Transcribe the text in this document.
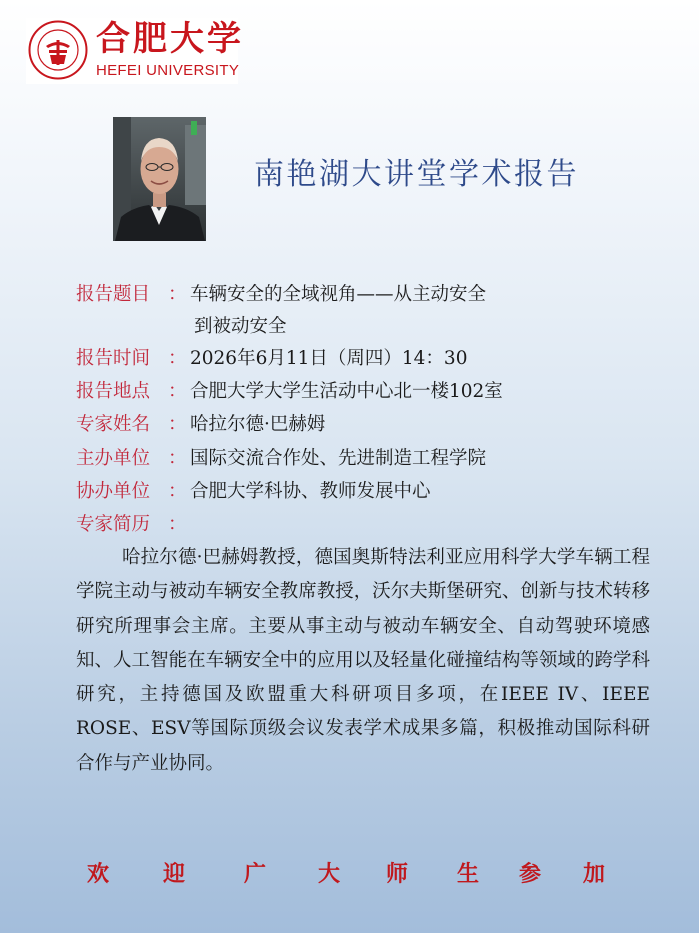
合肥大学
HEFEI UNIVERSITY
南艳湖大讲堂学术报告
报告题目 ： 车辆安全的全域视角——从主动安全
到被动安全
报告时间 ： 2026年6月11日（周四）14：30
报告地点 ： 合肥大学大学生活动中心北一楼102室
专家姓名 ： 哈拉尔德·巴赫姆
主办单位 ： 国际交流合作处、先进制造工程学院
协办单位 ： 合肥大学科协、教师发展中心
专家简历 ：

哈拉尔德·巴赫姆教授，德国奥斯特法利亚应用科学大学车辆工程学院主动与被动车辆安全教席教授，沃尔夫斯堡研究、创新与技术转移研究所理事会主席。主要从事主动与被动车辆安全、自动驾驶环境感知、人工智能在车辆安全中的应用以及轻量化碰撞结构等领域的跨学科研究，主持德国及欧盟重大科研项目多项，在IEEE IV、IEEE ROSE、ESV等国际顶级会议发表学术成果多篇，积极推动国际科研合作与产业协同。

欢 迎	广 大 师 生 参 加
